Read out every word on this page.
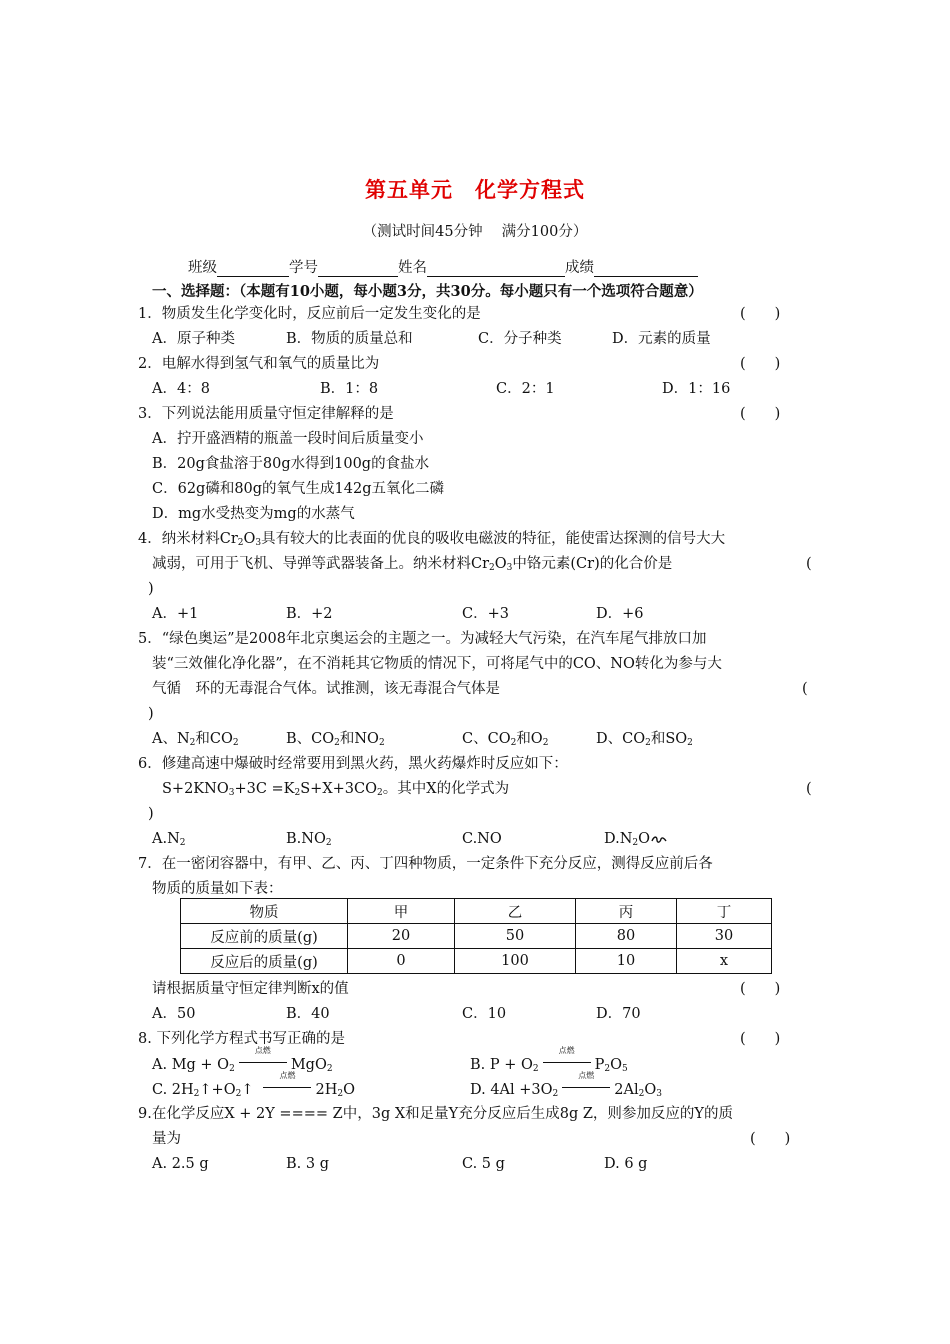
第五单元　化学方程式
（测试时间45分钟　 满分100分）
班级	学号	姓名	成绩
一、选择题：（本题有10小题，每小题3分，共30分。每小题只有一个选项符合题意）
1．物质发生化学变化时，反应前后一定发生变化的是	(　　)
A．原子种类	B．物质的质量总和	C．分子种类	D．元素的质量
2．电解水得到氢气和氧气的质量比为	(　　)
A．4：8	B．1：8	C．2：1	D．1：16
3．下列说法能用质量守恒定律解释的是	(　　)
A．拧开盛酒精的瓶盖一段时间后质量变小
B．20g食盐溶于80g水得到100g的食盐水
C．62g磷和80g的氧气生成142g五氧化二磷
D．mg水受热变为mg的水蒸气
4．纳米材料$Cr_2O_3$具有较大的比表面的优良的吸收电磁波的特征，能使雷达探测的信号大大
减弱，可用于飞机、导弹等武器装备上。纳米材料$Cr_2O_3$中铬元素(Cr)的化合价是	(
)
A．+1	B．+2	C．+3	D．+6
5．“绿色奥运”是2008年北京奥运会的主题之一。为减轻大气污染，在汽车尾气排放口加
装“三效催化净化器”，在不消耗其它物质的情况下，可将尾气中的CO、NO转化为参与大
气循　环的无毒混合气体。试推测，该无毒混合气体是	(
)
A、$N_2$和$CO_2$	B、$CO_2$和$NO_2$	C、$CO_2$和$O_2$	D、$CO_2$和$SO_2$
6．修建高速中爆破时经常要用到黑火药，黑火药爆炸时反应如下：
$S+2KNO_3+3C =K_2S+X+3CO_2$。其中X的化学式为	(
)
$A.N_2$	$B.NO_2$	C.NO	$D.N_2O$
7．在一密闭容器中，有甲、乙、丙、丁四种物质，一定条件下充分反应，测得反应前后各
物质的质量如下表：
物质	甲	乙	丙	丁
反应前的质量(g)	20	50	80	30
反应后的质量(g)	0	100	10	x
请根据质量守恒定律判断x的值	(　　)
A．50	B．40	C．10	D．70
8. 下列化学方程式书写正确的是	(　　)
A. $Mg + O_2$
点燃
MgO$_2$	B. $P + O_2$
点燃
$P_2O_5$
C. $2H_2↑+O_2↑$
点燃
$2H_2O$	D. $4Al +3O_2$
点燃
$2Al_2O_3$
9.在化学反应X + 2Y ==== Z中，3g X和足量Y充分反应后生成8g Z，则参加反应的Y的质
量为	(　　)
A. 2.5 g	B. 3 g	C. 5 g	D. 6 g
